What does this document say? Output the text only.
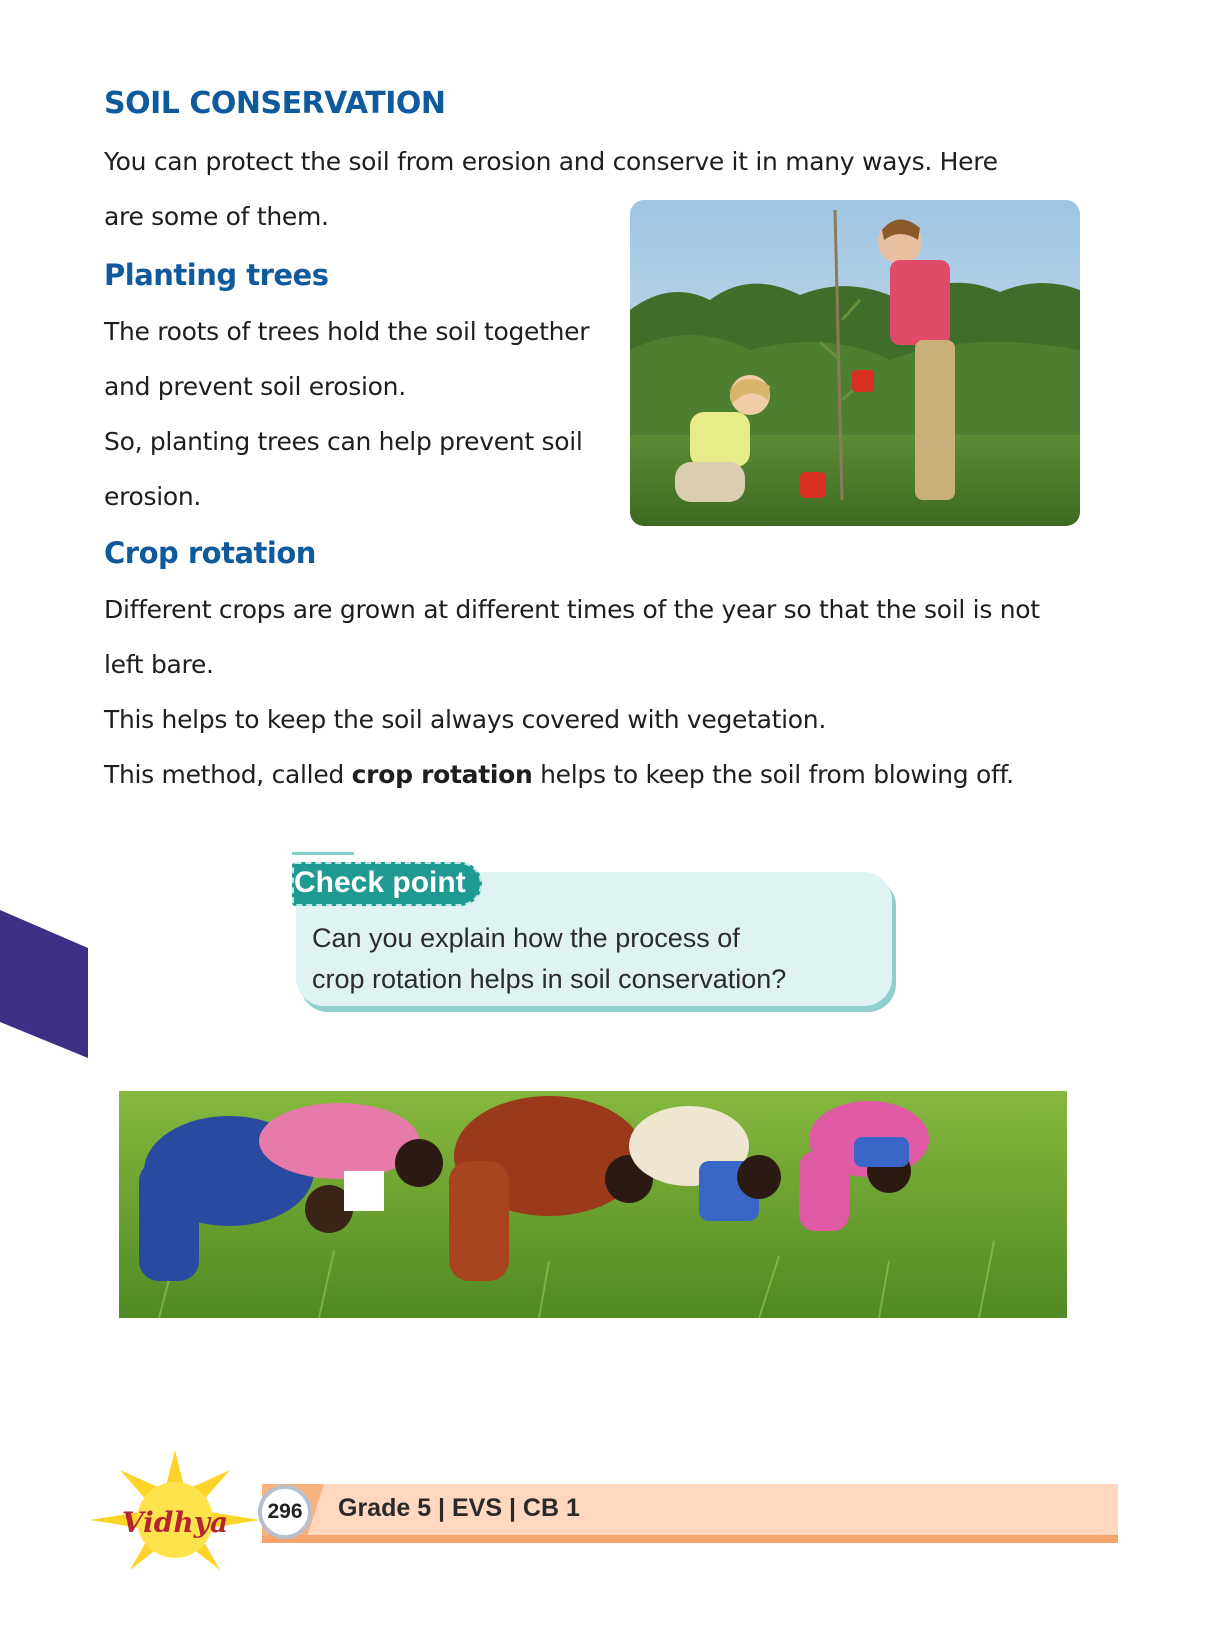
SOIL CONSERVATION

You can protect the soil from erosion and conserve it in many ways. Here

are some of them.

Planting trees

The roots of trees hold the soil together

and prevent soil erosion.

So, planting trees can help prevent soil

erosion.

Crop rotation

Different crops are grown at different times of the year so that the soil is not

left bare.

This helps to keep the soil always covered with vegetation.

This method, called crop rotation helps to keep the soil from blowing off.

Check point

Can you explain how the process of

crop rotation helps in soil conservation?

Vidhya	296	Grade 5 | EVS | CB 1
